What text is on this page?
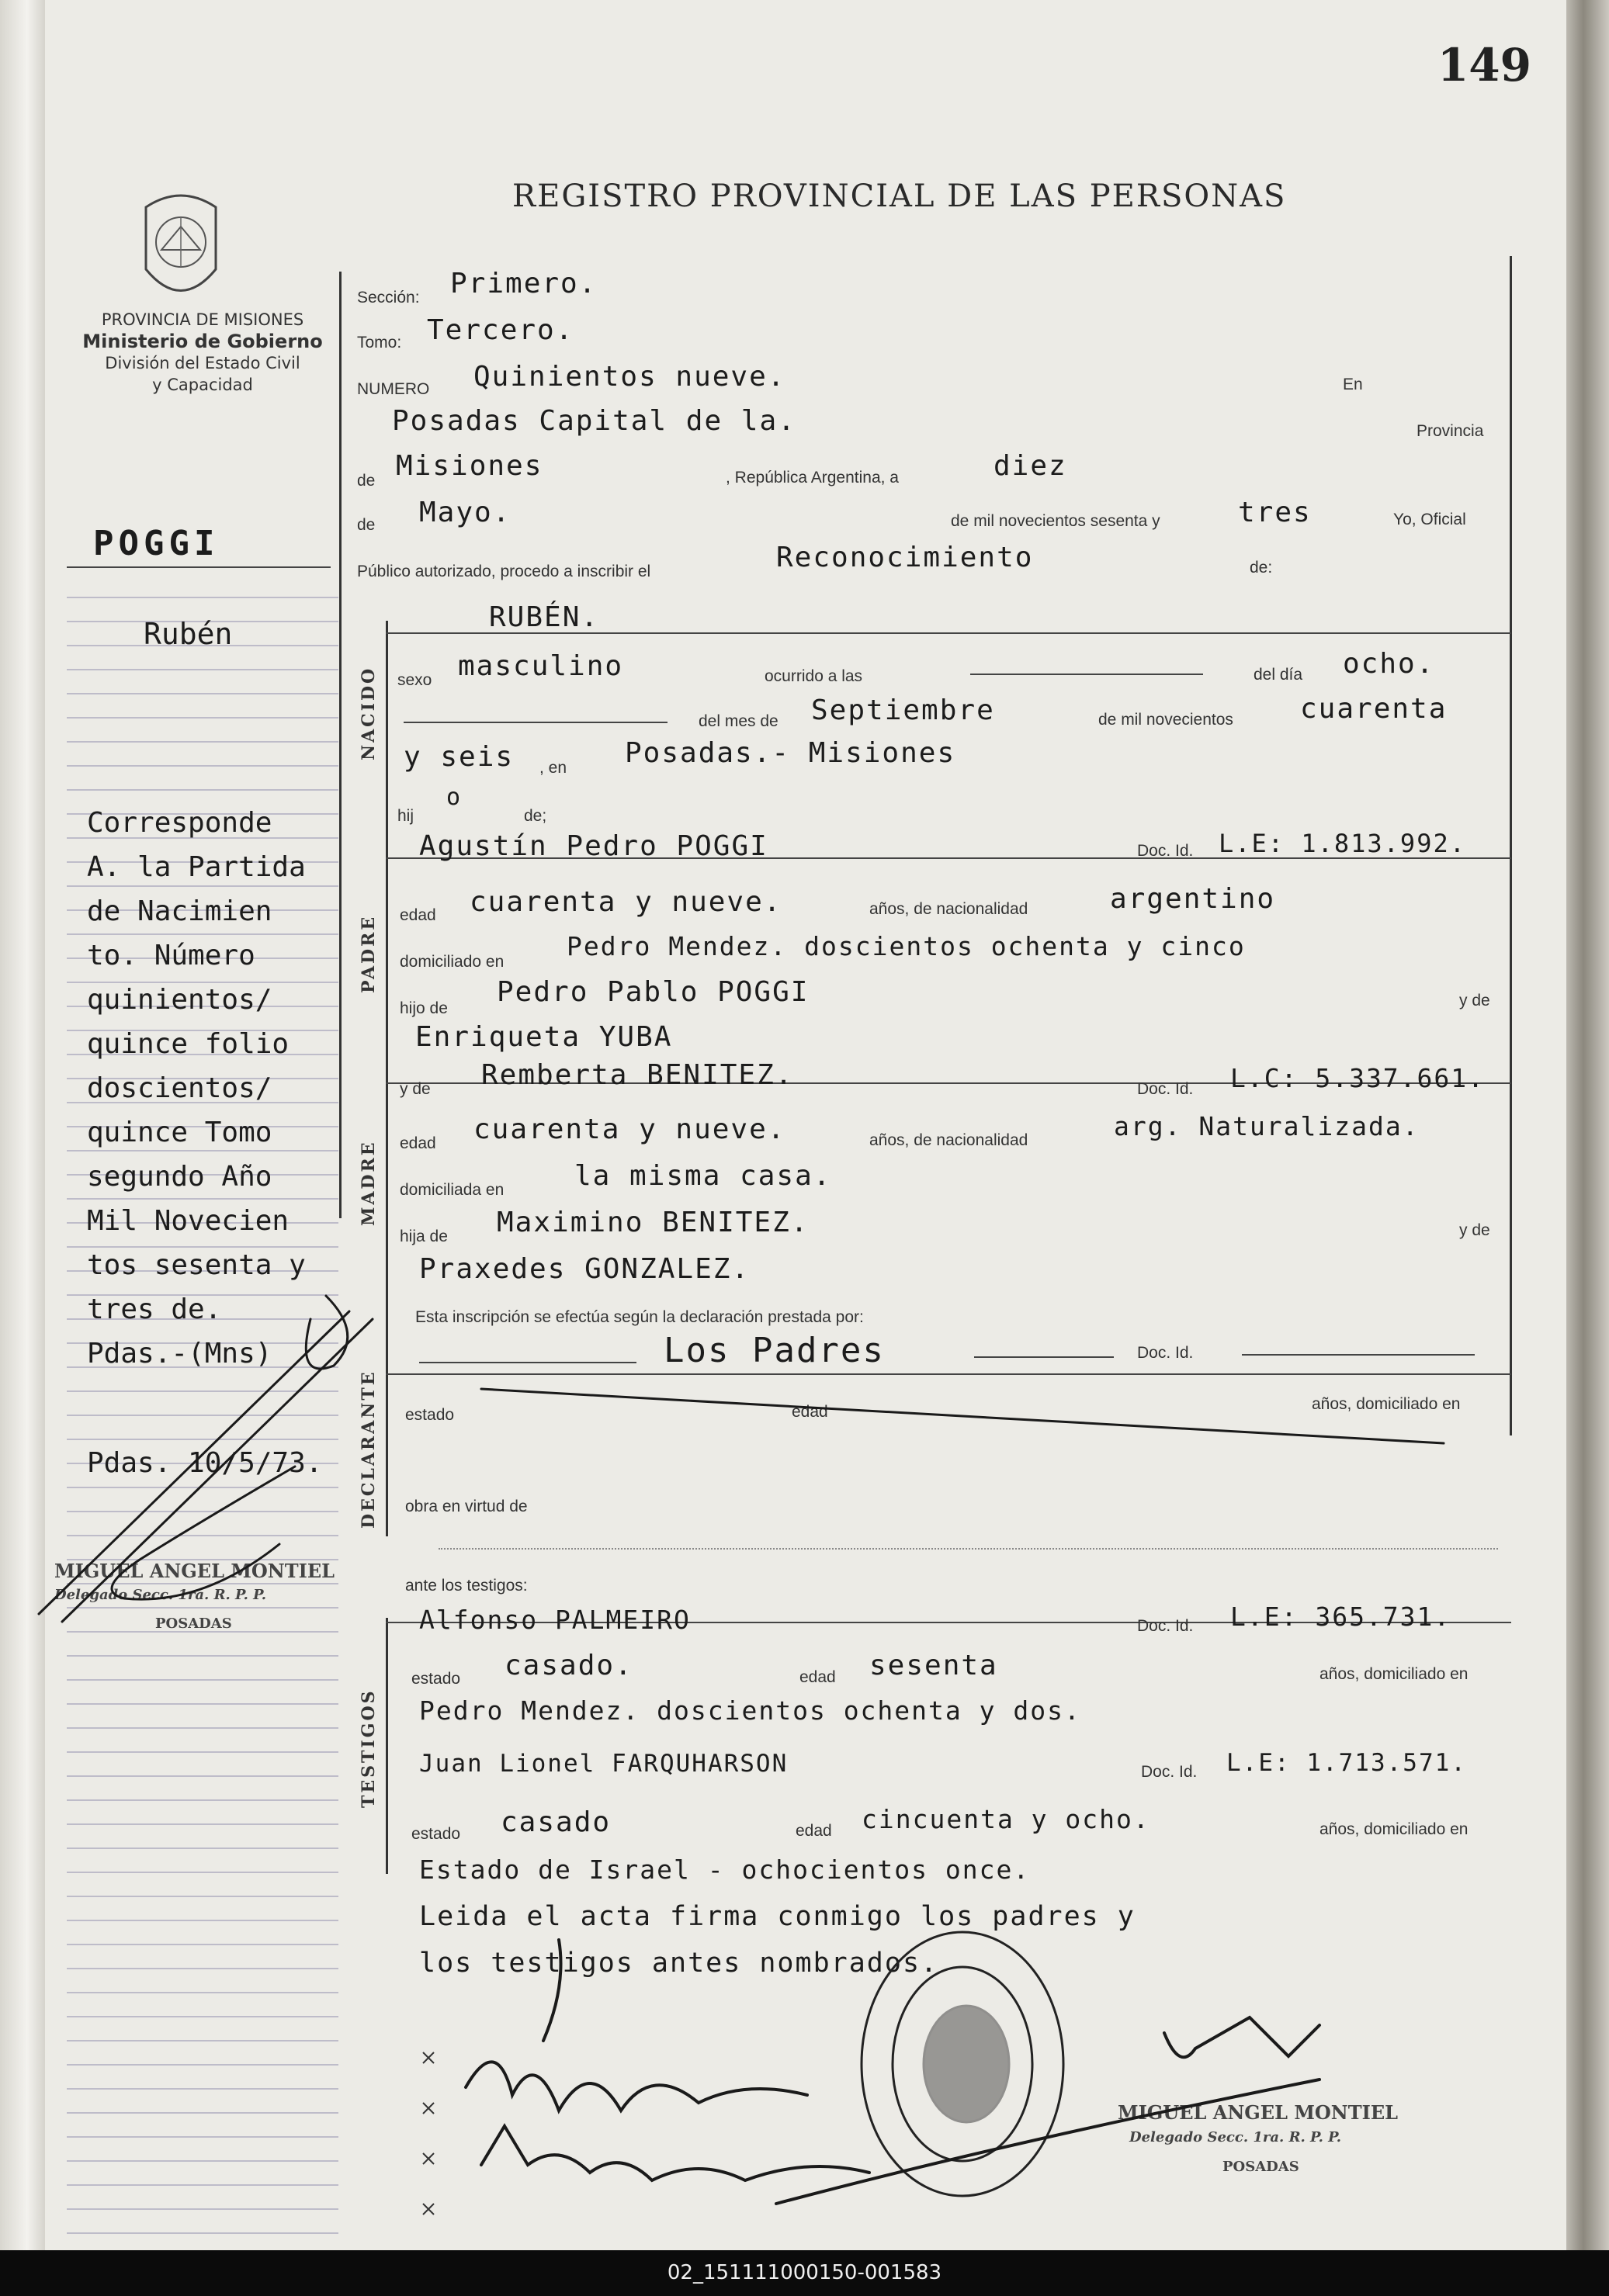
149
REGISTRO PROVINCIAL DE LAS PERSONAS
PROVINCIA DE MISIONES
Ministerio de Gobierno
División del Estado Civil
y Capacidad
POGGI
Rubén
Corresponde
A. la Partida
de Nacimien
to. Número
quinientos/
quince folio
doscientos/
quince Tomo
segundo Año
Mil Novecien
tos sesenta y
tres de.
Pdas.-(Mns)
Pdas. 10/5/73.
NACIDO
PADRE
MADRE
DECLARANTE
TESTIGOS
Sección: Primero.
Tomo: Tercero.
NUMERO Quinientos nueve.	En
Posadas Capital de la.	Provincia
de Misiones	, República Argentina, a	diez
de Mayo.	de mil novecientos sesenta y	tres	Yo, Oficial
Público autorizado, procedo a inscribir el	Reconocimiento	de:
RUBÉN.
sexo masculino	ocurrido a las	del día ocho.
del mes de Septiembre	de mil novecientos cuarenta
y seis , en Posadas.- Misiones
hij
o
de;
Agustín Pedro POGGI	Doc. Id. L.E: 1.813.992.
edad cuarenta y nueve.	años, de nacionalidad	argentino
domiciliado en
Pedro Mendez. doscientos ochenta y cinco
hijo de
Pedro Pablo POGGI	y de
Enriqueta YUBA
y de Remberta BENITEZ.	Doc. Id. L.C: 5.337.661.
edad cuarenta y nueve.	años, de nacionalidad	arg. Naturalizada.
domiciliada en	la misma casa.
hija de Maximino BENITEZ.	y de
Praxedes GONZALEZ.
Esta inscripción se efectúa según la declaración prestada por:
Los Padres	Doc. Id.
estado	edad	años, domiciliado en
obra en virtud de
ante los testigos:
Alfonso PALMEIRO	Doc. Id. L.E: 365.731.
estado casado.	edad sesenta	años, domiciliado en
Pedro Mendez. doscientos ochenta y dos.
Juan Lionel FARQUHARSON	Doc. Id. L.E: 1.713.571.
estado casado	edad cincuenta y ocho.	años, domiciliado en
Estado de Israel - ochocientos once.
Leida el acta firma conmigo los padres y
los testigos antes nombrados.
MIGUEL ANGEL MONTIEL
Delegado Secc. 1ra. R. P. P.
POSADAS
MIGUEL ANGEL MONTIEL
Delegado Secc. 1ra. R. P. P.
POSADAS
02_151111000150-001583
